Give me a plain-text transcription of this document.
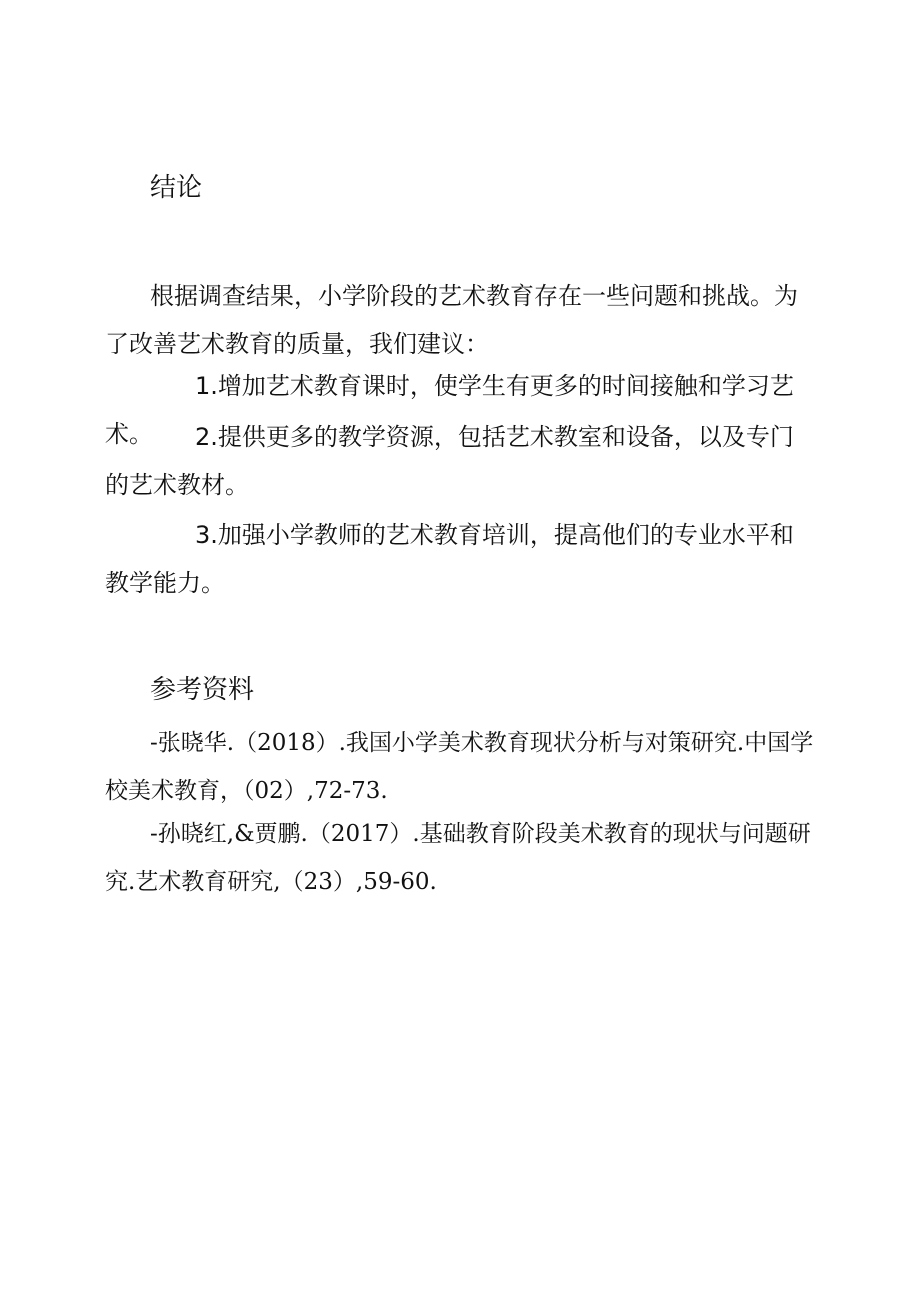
结论

根据调查结果，小学阶段的艺术教育存在一些问题和挑战。为了改善艺术教育的质量，我们建议：

1.增加艺术教育课时，使学生有更多的时间接触和学习艺术。	2.提供更多的教学资源，包括艺术教室和设备，以及专门的艺术教材。

3.加强小学教师的艺术教育培训，提高他们的专业水平和教学能力。

参考资料

-张晓华.（2018）.我国小学美术教育现状分析与对策研究.中国学校美术教育，（02）,72-73.

-孙晓红,&贾鹏.（2017）.基础教育阶段美术教育的现状与问题研究.艺术教育研究,（23）,59-60.
